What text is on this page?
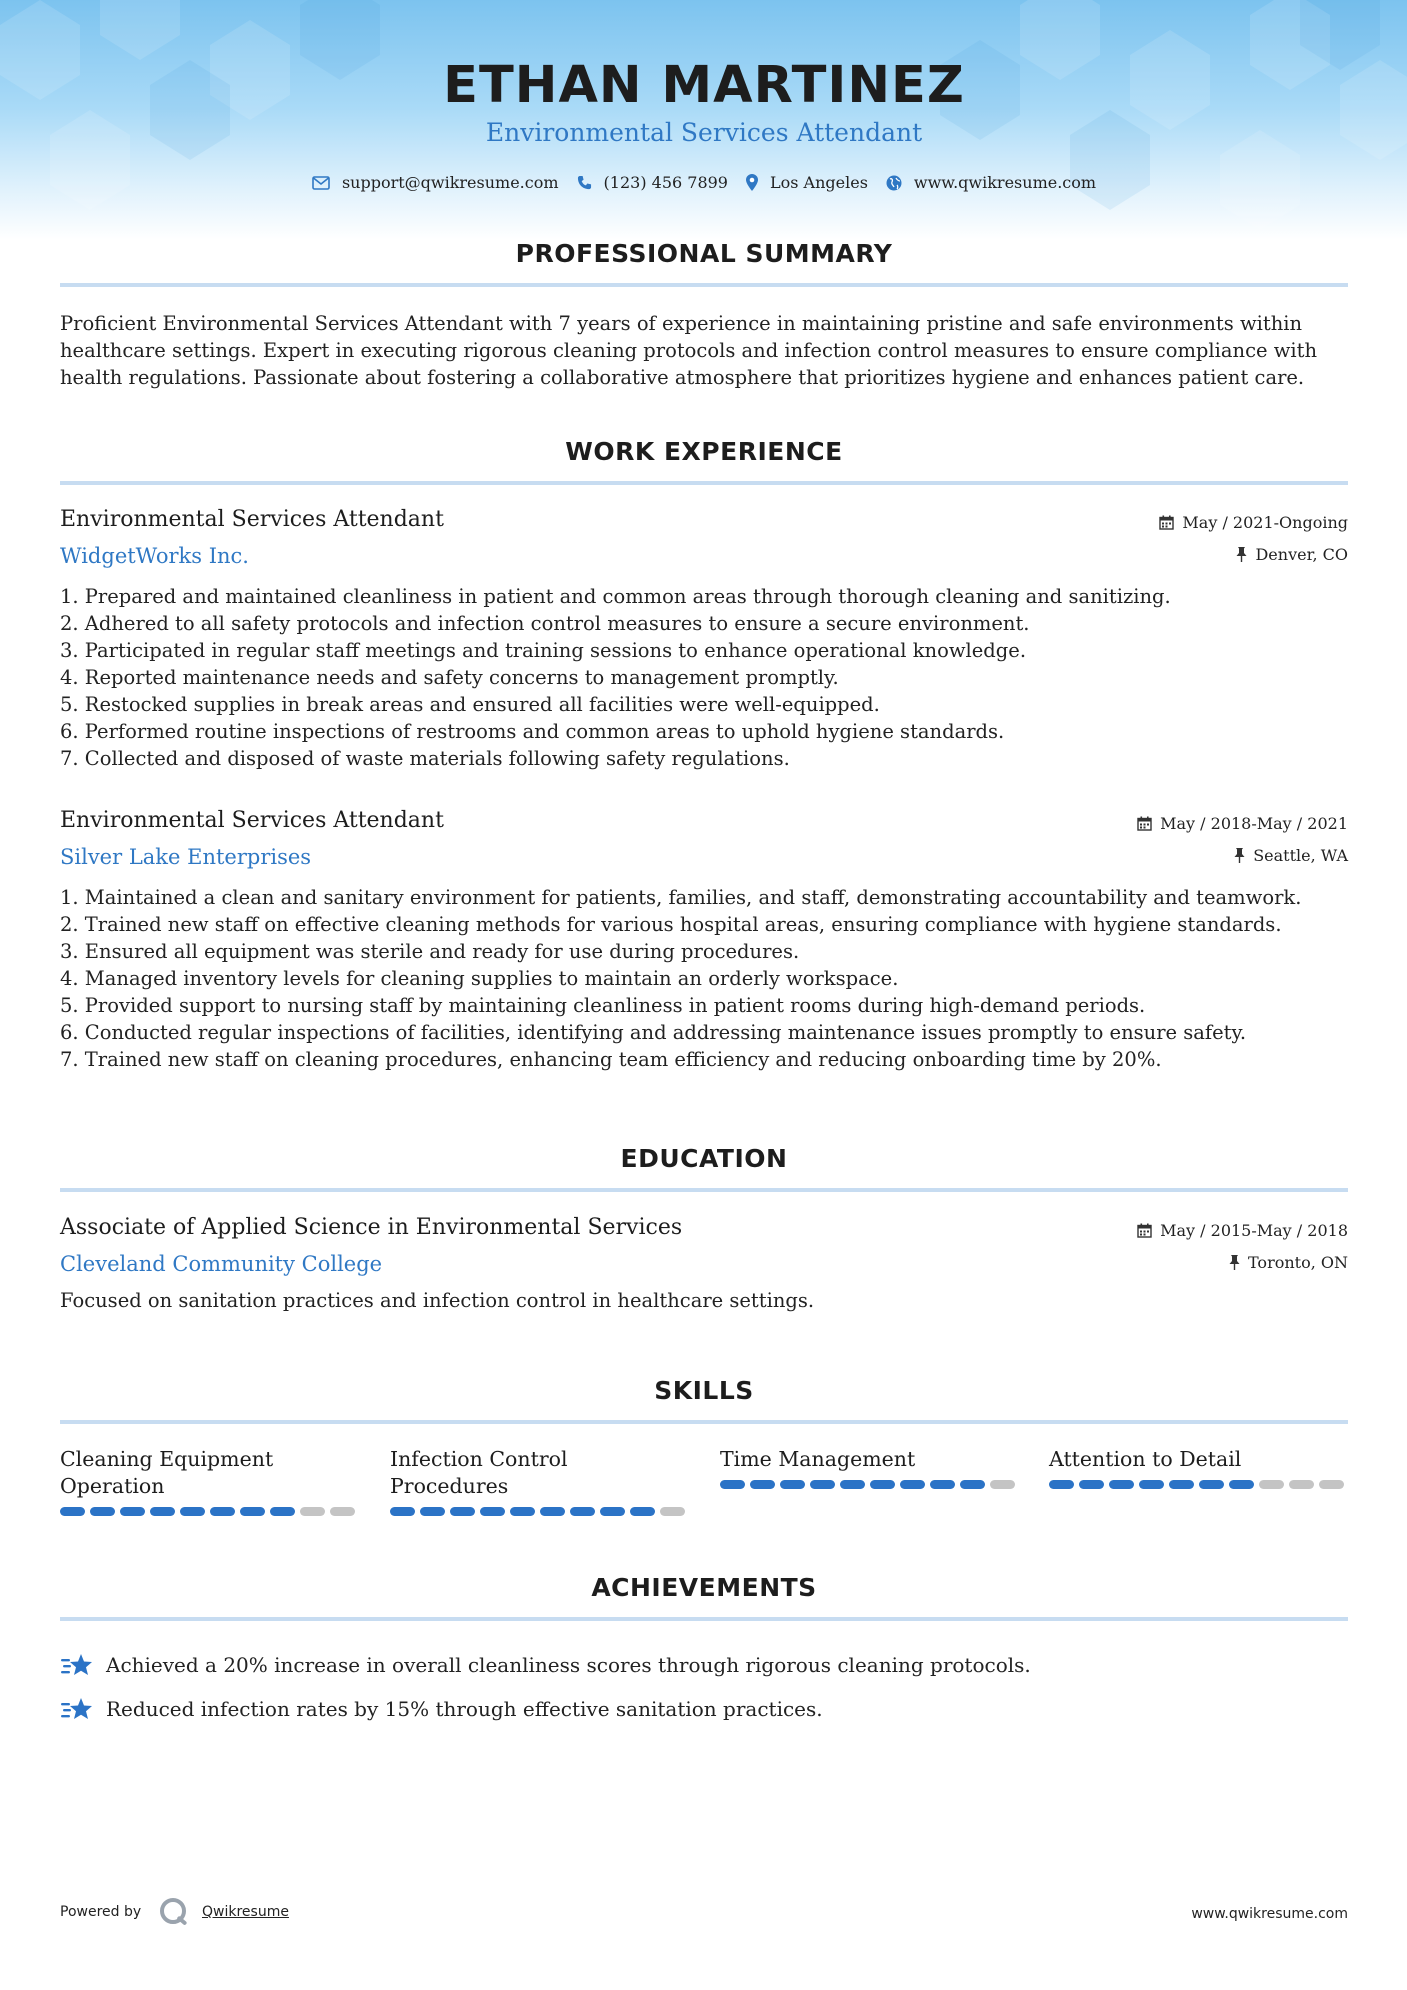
ETHAN MARTINEZ
Environmental Services Attendant
support@qwikresume.com	(123) 456 7899	Los Angeles	www.qwikresume.com
PROFESSIONAL SUMMARY
Proficient Environmental Services Attendant with 7 years of experience in maintaining pristine and safe environments within healthcare settings. Expert in executing rigorous cleaning protocols and infection control measures to ensure compliance with health regulations. Passionate about fostering a collaborative atmosphere that prioritizes hygiene and enhances patient care.
WORK EXPERIENCE
Environmental Services Attendant
WidgetWorks Inc.
May / 2021-Ongoing
Denver, CO
1. Prepared and maintained cleanliness in patient and common areas through thorough cleaning and sanitizing.
2. Adhered to all safety protocols and infection control measures to ensure a secure environment.
3. Participated in regular staff meetings and training sessions to enhance operational knowledge.
4. Reported maintenance needs and safety concerns to management promptly.
5. Restocked supplies in break areas and ensured all facilities were well-equipped.
6. Performed routine inspections of restrooms and common areas to uphold hygiene standards.
7. Collected and disposed of waste materials following safety regulations.
Environmental Services Attendant
Silver Lake Enterprises
May / 2018-May / 2021
Seattle, WA
1. Maintained a clean and sanitary environment for patients, families, and staff, demonstrating accountability and teamwork.
2. Trained new staff on effective cleaning methods for various hospital areas, ensuring compliance with hygiene standards.
3. Ensured all equipment was sterile and ready for use during procedures.
4. Managed inventory levels for cleaning supplies to maintain an orderly workspace.
5. Provided support to nursing staff by maintaining cleanliness in patient rooms during high-demand periods.
6. Conducted regular inspections of facilities, identifying and addressing maintenance issues promptly to ensure safety.
7. Trained new staff on cleaning procedures, enhancing team efficiency and reducing onboarding time by 20%.
EDUCATION
Associate of Applied Science in Environmental Services
Cleveland Community College
May / 2015-May / 2018
Toronto, ON
Focused on sanitation practices and infection control in healthcare settings.
SKILLS
Cleaning Equipment Operation
Infection Control Procedures
Time Management	Attention to Detail
ACHIEVEMENTS
Achieved a 20% increase in overall cleanliness scores through rigorous cleaning protocols.
Reduced infection rates by 15% through effective sanitation practices.
Powered by	Qwikresume	www.qwikresume.com
